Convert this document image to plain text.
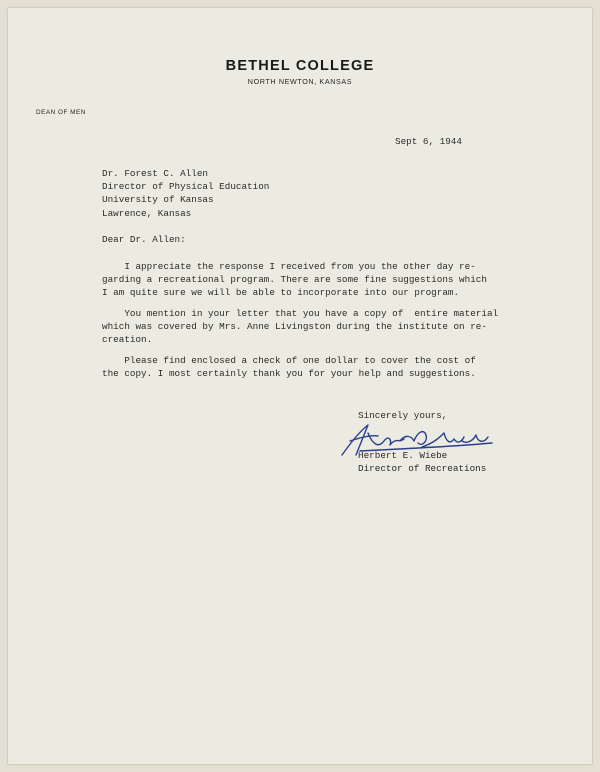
BETHEL COLLEGE
NORTH NEWTON, KANSAS
DEAN OF MEN
Sept 6, 1944
Dr. Forest C. Allen
Director of Physical Education
University of Kansas
Lawrence, Kansas
Dear Dr. Allen:
I appreciate the response I received from you the other day re-
garding a recreational program. There are some fine suggestions which
I am quite sure we will be able to incorporate into our program.
You mention in your letter that you have a copy of  entire material
which was covered by Mrs. Anne Livingston during the institute on re-
creation.
Please find enclosed a check of one dollar to cover the cost of
the copy. I most certainly thank you for your help and suggestions.
Sincerely yours,
Herbert E. Wiebe
Director of Recreations
